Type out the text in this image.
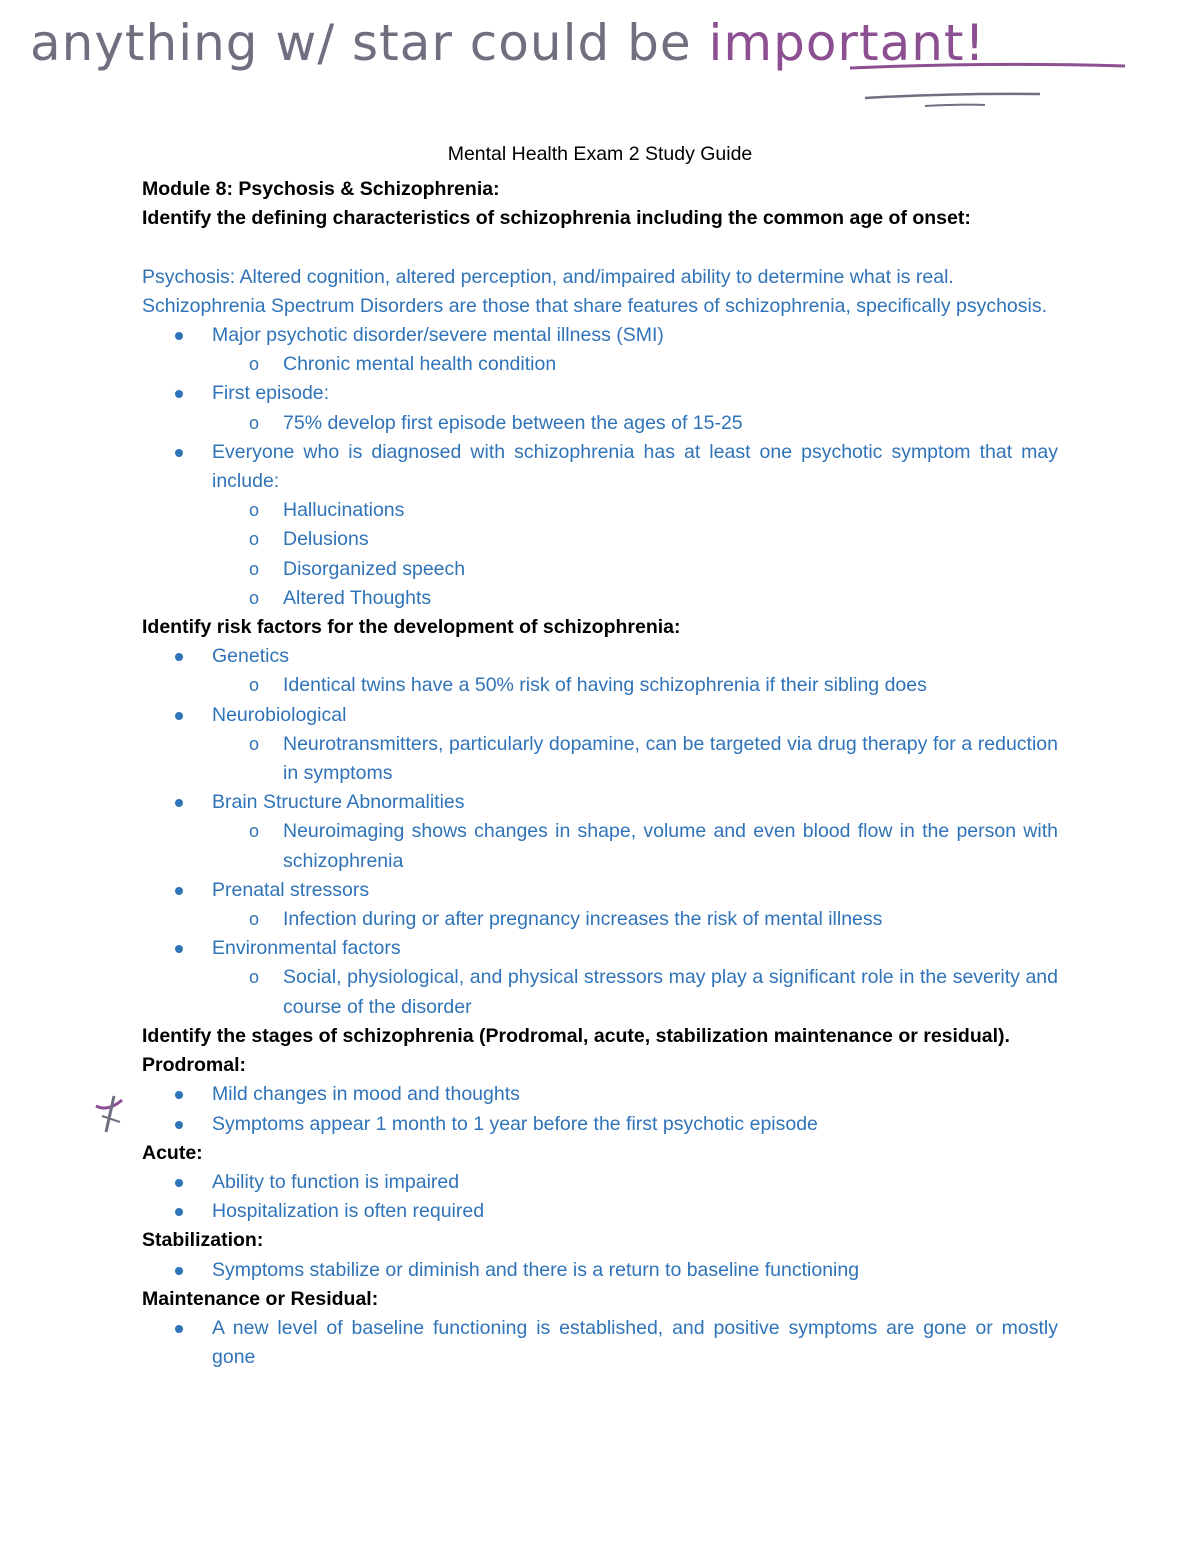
anything w/ star could be important!
Mental Health Exam 2 Study Guide
Module 8: Psychosis & Schizophrenia:
Identify the defining characteristics of schizophrenia including the common age of onset:
Psychosis: Altered cognition, altered perception, and/impaired ability to determine what is real.
Schizophrenia Spectrum Disorders are those that share features of schizophrenia, specifically psychosis.
Major psychotic disorder/severe mental illness (SMI)
o Chronic mental health condition
First episode:
o 75% develop first episode between the ages of 15-25
Everyone who is diagnosed with schizophrenia has at least one psychotic symptom that may include:
o Hallucinations
o Delusions
o Disorganized speech
o Altered Thoughts
Identify risk factors for the development of schizophrenia:
Genetics
o Identical twins have a 50% risk of having schizophrenia if their sibling does
Neurobiological
o Neurotransmitters, particularly dopamine, can be targeted via drug therapy for a reduction in symptoms
Brain Structure Abnormalities
o Neuroimaging shows changes in shape, volume and even blood flow in the person with schizophrenia
Prenatal stressors
o Infection during or after pregnancy increases the risk of mental illness
Environmental factors
o Social, physiological, and physical stressors may play a significant role in the severity and course of the disorder
Identify the stages of schizophrenia (Prodromal, acute, stabilization maintenance or residual).
Prodromal:
Mild changes in mood and thoughts
Symptoms appear 1 month to 1 year before the first psychotic episode
Acute:
Ability to function is impaired
Hospitalization is often required
Stabilization:
Symptoms stabilize or diminish and there is a return to baseline functioning
Maintenance or Residual:
A new level of baseline functioning is established, and positive symptoms are gone or mostly gone
